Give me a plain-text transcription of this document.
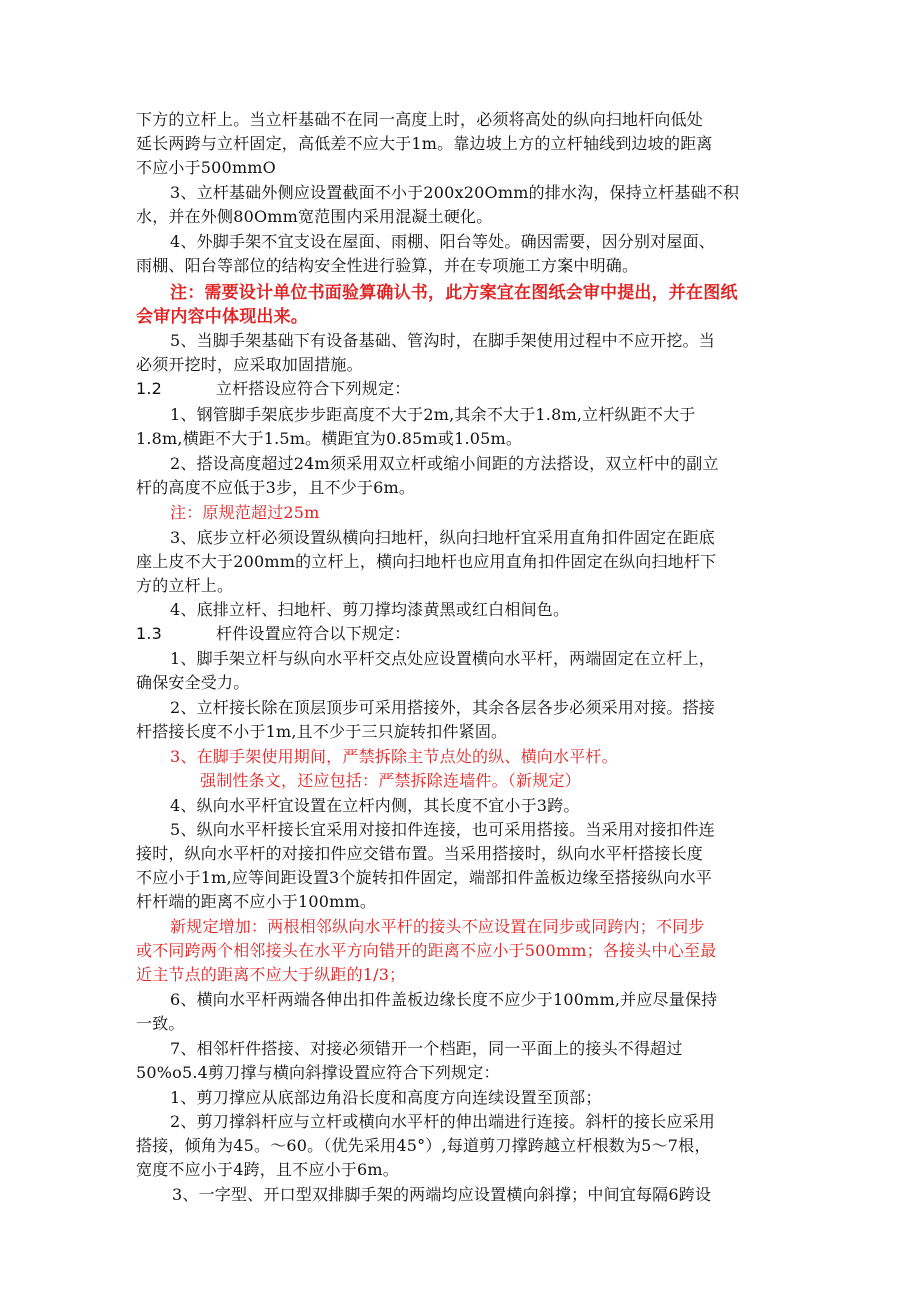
下方的立杆上。当立杆基础不在同一高度上时，必须将高处的纵向扫地杆向低处
延长两跨与立杆固定，高低差不应大于1m。靠边坡上方的立杆轴线到边坡的距离
不应小于500mmO
3、立杆基础外侧应设置截面不小于200x20Omm的排水沟，保持立杆基础不积
水，并在外侧80Omm宽范围内采用混凝土硬化。
4、外脚手架不宜支设在屋面、雨棚、阳台等处。确因需要，因分别对屋面、
雨棚、阳台等部位的结构安全性进行验算，并在专项施工方案中明确。
注：需要设计单位书面验算确认书，此方案宜在图纸会审中提出，并在图纸
会审内容中体现出来。
5、当脚手架基础下有设备基础、管沟时，在脚手架使用过程中不应开挖。当
必须开挖时，应采取加固措施。
1.2	立杆搭设应符合下列规定：
1、钢管脚手架底步步距高度不大于2m,其余不大于1.8m,立杆纵距不大于
1.8m,横距不大于1.5m。横距宜为0.85m或1.05m。
2、搭设高度超过24m须采用双立杆或缩小间距的方法搭设，双立杆中的副立
杆的高度不应低于3步，且不少于6m。
注：原规范超过25m
3、底步立杆必须设置纵横向扫地杆，纵向扫地杆宜采用直角扣件固定在距底
座上皮不大于200mm的立杆上，横向扫地杆也应用直角扣件固定在纵向扫地杆下
方的立杆上。
4、底排立杆、扫地杆、剪刀撑均漆黄黑或红白相间色。
1.3	杆件设置应符合以下规定：
1、脚手架立杆与纵向水平杆交点处应设置横向水平杆，两端固定在立杆上，
确保安全受力。
2、立杆接长除在顶层顶步可采用搭接外，其余各层各步必须采用对接。搭接
杆搭接长度不小于1m,且不少于三只旋转扣件紧固。
3、在脚手架使用期间，严禁拆除主节点处的纵、横向水平杆。
强制性条文，还应包括：严禁拆除连墙件。（新规定）
4、纵向水平杆宜设置在立杆内侧，其长度不宜小于3跨。
5、纵向水平杆接长宜采用对接扣件连接，也可采用搭接。当采用对接扣件连
接时，纵向水平杆的对接扣件应交错布置。当采用搭接时，纵向水平杆搭接长度
不应小于1m,应等间距设置3个旋转扣件固定，端部扣件盖板边缘至搭接纵向水平
杆杆端的距离不应小于100mm。
新规定增加：两根相邻纵向水平杆的接头不应设置在同步或同跨内；不同步
或不同跨两个相邻接头在水平方向错开的距离不应小于500mm；各接头中心至最
近主节点的距离不应大于纵距的1/3；
6、横向水平杆两端各伸出扣件盖板边缘长度不应少于100mm,并应尽量保持
一致。
7、相邻杆件搭接、对接必须错开一个档距，同一平面上的接头不得超过
50%o5.4剪刀撑与横向斜撑设置应符合下列规定：
1、剪刀撑应从底部边角沿长度和高度方向连续设置至顶部；
2、剪刀撑斜杆应与立杆或横向水平杆的伸出端进行连接。斜杆的接长应采用
搭接，倾角为45。～60。（优先采用45°）,每道剪刀撑跨越立杆根数为5～7根，
宽度不应小于4跨，且不应小于6m。
3、一字型、开口型双排脚手架的两端均应设置横向斜撑；中间宜每隔6跨设
